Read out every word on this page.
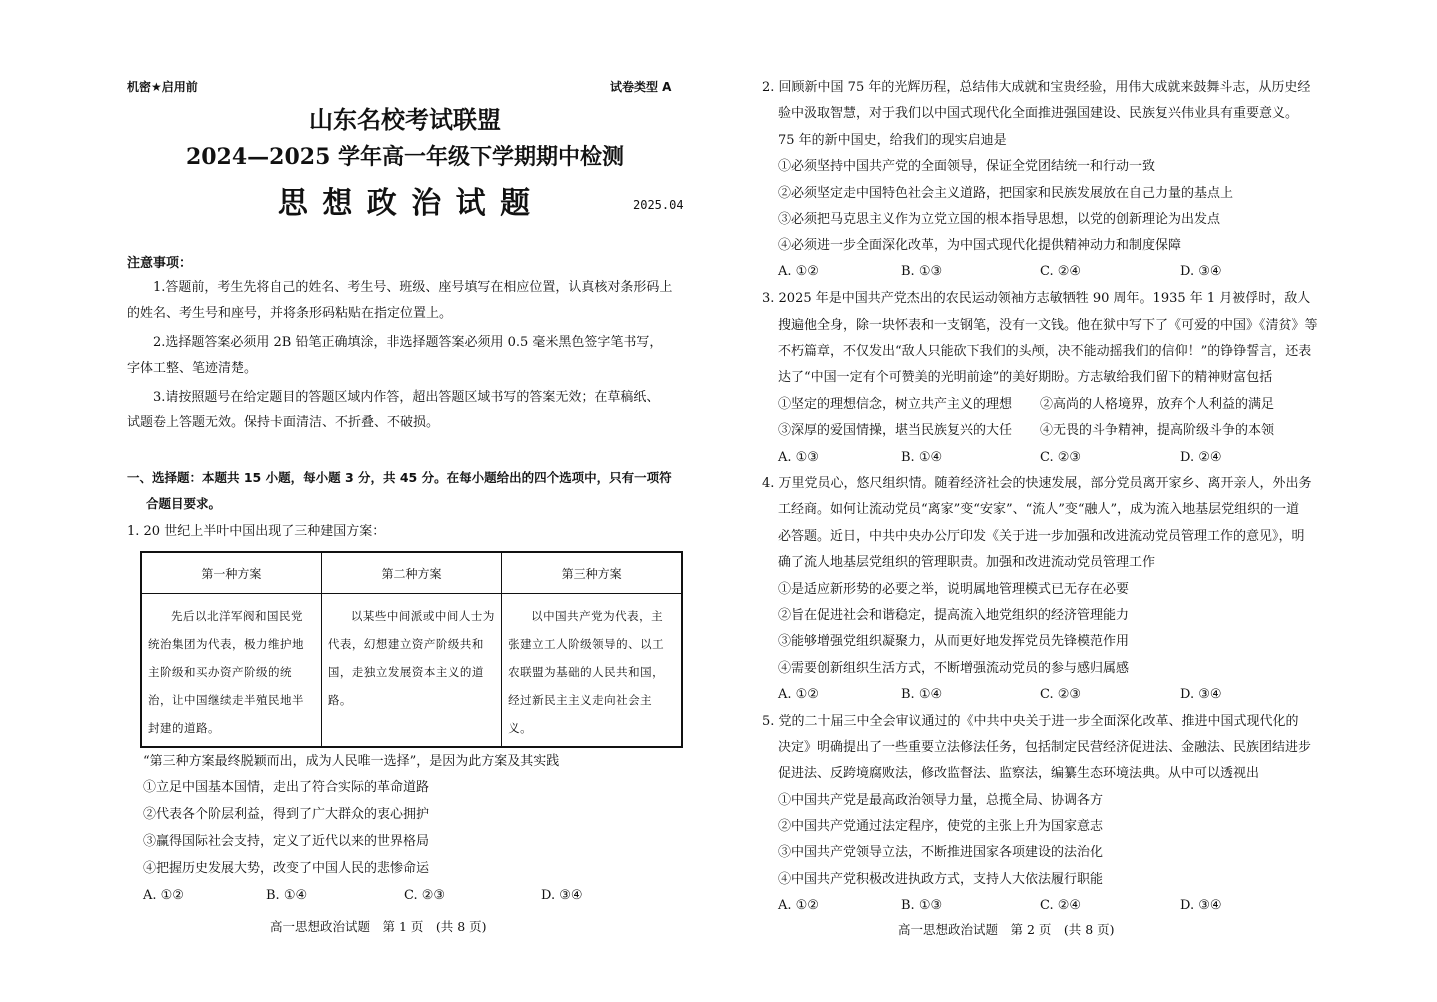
机密★启用前	试卷类型 A
山东名校考试联盟
2024—2025 学年高一年级下学期期中检测
思 想 政 治 试 题	2025.04
注意事项：
1.答题前，考生先将自己的姓名、考生号、班级、座号填写在相应位置，认真核对条形码上
的姓名、考生号和座号，并将条形码粘贴在指定位置上。
2.选择题答案必须用 2B 铅笔正确填涂，非选择题答案必须用 0.5 毫米黑色签字笔书写，
字体工整、笔迹清楚。
3.请按照题号在给定题目的答题区域内作答，超出答题区域书写的答案无效；在草稿纸、
试题卷上答题无效。保持卡面清洁、不折叠、不破损。
一、选择题：本题共 15 小题，每小题 3 分，共 45 分。在每小题给出的四个选项中，只有一项符
合题目要求。
1. 20 世纪上半叶中国出现了三种建国方案：
第一种方案	第二种方案	第三种方案
先后以北洋军阀和国民党统治集团为代表，极力维护地主阶级和买办资产阶级的统治，让中国继续走半殖民地半封建的道路。	以某些中间派或中间人士为代表，幻想建立资产阶级共和国，走独立发展资本主义的道路。	以中国共产党为代表，主张建立工人阶级领导的、以工农联盟为基础的人民共和国，经过新民主主义走向社会主义。
“第三种方案最终脱颖而出，成为人民唯一选择”，是因为此方案及其实践
①立足中国基本国情，走出了符合实际的革命道路
②代表各个阶层利益，得到了广大群众的衷心拥护
③赢得国际社会支持，定义了近代以来的世界格局
④把握历史发展大势，改变了中国人民的悲惨命运
A. ①②	B. ①④	C. ②③	D. ③④
高一思想政治试题　第 1 页　(共 8 页)
2. 回顾新中国 75 年的光辉历程，总结伟大成就和宝贵经验，用伟大成就来鼓舞斗志，从历史经
验中汲取智慧，对于我们以中国式现代化全面推进强国建设、民族复兴伟业具有重要意义。
75 年的新中国史，给我们的现实启迪是
①必须坚持中国共产党的全面领导，保证全党团结统一和行动一致
②必须坚定走中国特色社会主义道路，把国家和民族发展放在自己力量的基点上
③必须把马克思主义作为立党立国的根本指导思想，以党的创新理论为出发点
④必须进一步全面深化改革，为中国式现代化提供精神动力和制度保障
A. ①②	B. ①③	C. ②④	D. ③④
3. 2025 年是中国共产党杰出的农民运动领袖方志敏牺牲 90 周年。1935 年 1 月被俘时，敌人
搜遍他全身，除一块怀表和一支钢笔，没有一文钱。他在狱中写下了《可爱的中国》《清贫》等
不朽篇章，不仅发出“敌人只能砍下我们的头颅，决不能动摇我们的信仰！”的铮铮誓言，还表
达了“中国一定有个可赞美的光明前途”的美好期盼。方志敏给我们留下的精神财富包括
①坚定的理想信念，树立共产主义的理想 ②高尚的人格境界，放弃个人利益的满足
③深厚的爱国情操，堪当民族复兴的大任 ④无畏的斗争精神，提高阶级斗争的本领
A. ①③	B. ①④	C. ②③	D. ②④
4. 万里党员心，悠尺组织情。随着经济社会的快速发展，部分党员离开家乡、离开亲人，外出务
工经商。如何让流动党员“离家”变“安家”、“流人”变“融人”，成为流入地基层党组织的一道
必答题。近日，中共中央办公厅印发《关于进一步加强和改进流动党员管理工作的意见》，明
确了流人地基层党组织的管理职责。加强和改进流动党员管理工作
①是适应新形势的必要之举，说明属地管理模式已无存在必要
②旨在促进社会和谐稳定，提高流入地党组织的经济管理能力
③能够增强党组织凝聚力，从而更好地发挥党员先锋模范作用
④需要创新组织生活方式，不断增强流动党员的参与感归属感
A. ①②	B. ①④	C. ②③	D. ③④
5. 党的二十届三中全会审议通过的《中共中央关于进一步全面深化改革、推进中国式现代化的
决定》明确提出了一些重要立法修法任务，包括制定民营经济促进法、金融法、民族团结进步
促进法、反跨境腐败法，修改监督法、监察法，编纂生态环境法典。从中可以透视出
①中国共产党是最高政治领导力量，总揽全局、协调各方
②中国共产党通过法定程序，使党的主张上升为国家意志
③中国共产党领导立法，不断推进国家各项建设的法治化
④中国共产党积极改进执政方式，支持人大依法履行职能
A. ①②	B. ①③	C. ②④	D. ③④
高一思想政治试题　第 2 页　(共 8 页)
